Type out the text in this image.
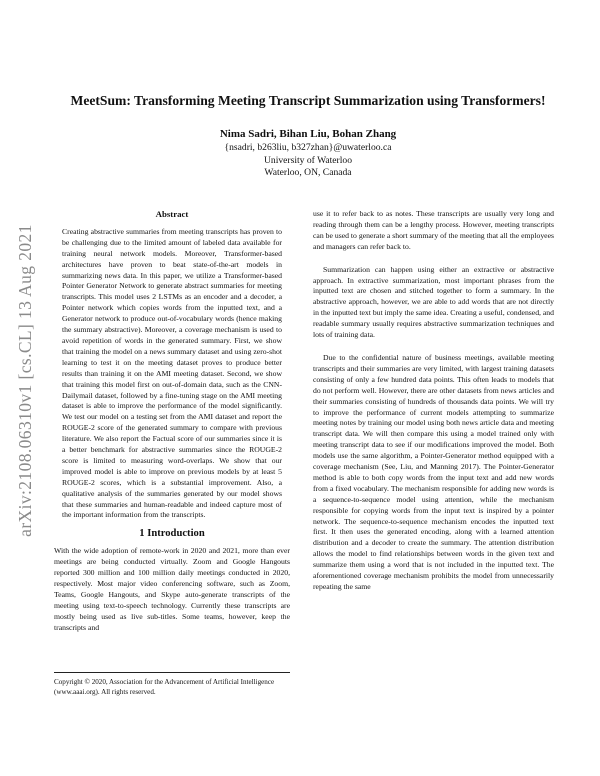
arXiv:2108.06310v1 [cs.CL] 13 Aug 2021
MeetSum: Transforming Meeting Transcript Summarization using Transformers!
Nima Sadri, Bihan Liu, Bohan Zhang
{nsadri, b263liu, b327zhan}@uwaterloo.ca
University of Waterloo
Waterloo, ON, Canada
Abstract

Creating abstractive summaries from meeting transcripts has proven to be challenging due to the limited amount of labeled data available for training neural network models. Moreover, Transformer-based architectures have proven to beat state-of-the-art models in summarizing news data. In this paper, we utilize a Transformer-based Pointer Generator Network to generate abstract summaries for meeting transcripts. This model uses 2 LSTMs as an encoder and a decoder, a Pointer network which copies words from the inputted text, and a Generator network to produce out-of-vocabulary words (hence making the summary abstractive). Moreover, a coverage mechanism is used to avoid repetition of words in the generated summary. First, we show that training the model on a news summary dataset and using zero-shot learning to test it on the meeting dataset proves to produce better results than training it on the AMI meeting dataset. Second, we show that training this model first on out-of-domain data, such as the CNN-Dailymail dataset, followed by a fine-tuning stage on the AMI meeting dataset is able to improve the performance of the model significantly. We test our model on a testing set from the AMI dataset and report the ROUGE-2 score of the generated summary to compare with previous literature. We also report the Factual score of our summaries since it is a better benchmark for abstractive summaries since the ROUGE-2 score is limited to measuring word-overlaps. We show that our improved model is able to improve on previous models by at least 5 ROUGE-2 scores, which is a substantial improvement. Also, a qualitative analysis of the summaries generated by our model shows that these summaries and human-readable and indeed capture most of the important information from the transcripts.

1 Introduction

With the wide adoption of remote-work in 2020 and 2021, more than ever meetings are being conducted virtually. Zoom and Google Hangouts reported 300 million and 100 million daily meetings conducted in 2020, respectively. Most major video conferencing software, such as Zoom, Teams, Google Hangouts, and Skype auto-generate transcripts of the meeting using text-to-speech technology. Currently these transcripts are mostly being used as live sub-titles. Some teams, however, keep the transcripts and

Copyright © 2020, Association for the Advancement of Artificial Intelligence (www.aaai.org). All rights reserved.

use it to refer back to as notes. These transcripts are usually very long and reading through them can be a lengthy process. However, meeting transcripts can be used to generate a short summary of the meeting that all the employees and managers can refer back to.

Summarization can happen using either an extractive or abstractive approach. In extractive summarization, most important phrases from the inputted text are chosen and stitched together to form a summary. In the abstractive approach, however, we are able to add words that are not directly in the inputted text but imply the same idea. Creating a useful, condensed, and readable summary usually requires abstractive summarization techniques and lots of training data.

Due to the confidential nature of business meetings, available meeting transcripts and their summaries are very limited, with largest training datasets consisting of only a few hundred data points. This often leads to models that do not perform well. However, there are other datasets from news articles and their summaries consisting of hundreds of thousands data points. We will try to improve the performance of current models attempting to summarize meeting notes by training our model using both news article data and meeting transcript data. We will then compare this using a model trained only with meeting transcript data to see if our modifications improved the model. Both models use the same algorithm, a Pointer-Generator method equipped with a coverage mechanism (See, Liu, and Manning 2017). The Pointer-Generator method is able to both copy words from the input text and add new words from a fixed vocabulary. The mechanism responsible for adding new words is a sequence-to-sequence model using attention, while the mechanism responsible for copying words from the input text is inspired by a pointer network. The sequence-to-sequence mechanism encodes the inputted text first. It then uses the generated encoding, along with a learned attention distribution and a decoder to create the summary. The attention distribution allows the model to find relationships between words in the given text and summarize them using a word that is not included in the inputted text. The aforementioned coverage mechanism prohibits the model from unnecessarily repeating the same
